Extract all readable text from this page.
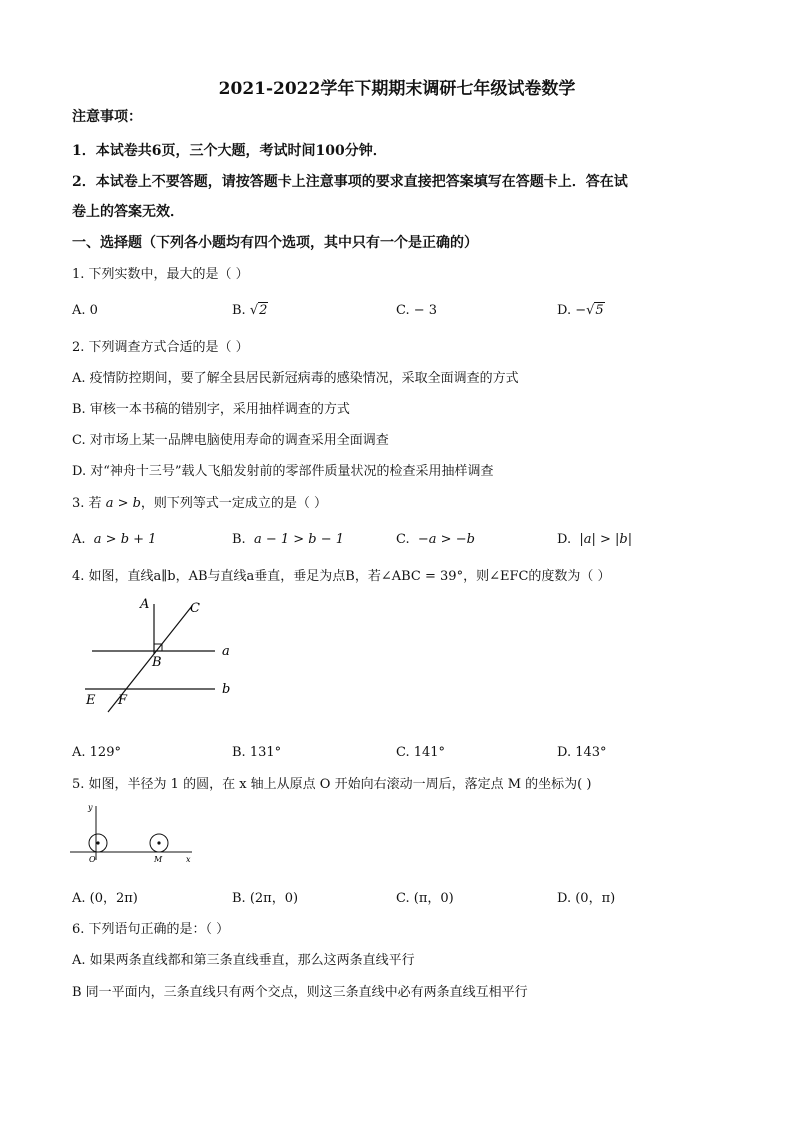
2021-2022学年下期期末调研七年级试卷数学
注意事项：
1．本试卷共6页，三个大题，考试时间100分钟．
2．本试卷上不要答题，请按答题卡上注意事项的要求直接把答案填写在答题卡上．答在试
卷上的答案无效．
一、选择题（下列各小题均有四个选项，其中只有一个是正确的）
1. 下列实数中，最大的是（ ）
A. 0	B. √2	C. − 3	D. −√5
2. 下列调查方式合适的是（ ）
A. 疫情防控期间，要了解全县居民新冠病毒的感染情况，采取全面调查的方式
B. 审核一本书稿的错别字，采用抽样调查的方式
C. 对市场上某一品牌电脑使用寿命的调查采用全面调查
D. 对“神舟十三号”载人飞船发射前的零部件质量状况的检查采用抽样调查
3. 若 a > b，则下列等式一定成立的是（ ）
A. a > b + 1	B. a − 1 > b − 1	C. −a > −b	D. |a| > |b|
4. 如图，直线a∥b，AB与直线a垂直，垂足为点B，若∠ABC = 39°，则∠EFC的度数为（ ）
A	C
B
a
b
E F
A. 129°	B. 131°	C. 141°	D. 143°
5. 如图，半径为 1 的圆，在 x 轴上从原点 O 开始向右滚动一周后，落定点 M 的坐标为( )
y
O	M	x
A. (0，2π)	B. (2π，0)	C. (π，0)	D. (0，π)
6. 下列语句正确的是：（ ）
A. 如果两条直线都和第三条直线垂直，那么这两条直线平行
B 同一平面内，三条直线只有两个交点，则这三条直线中必有两条直线互相平行
